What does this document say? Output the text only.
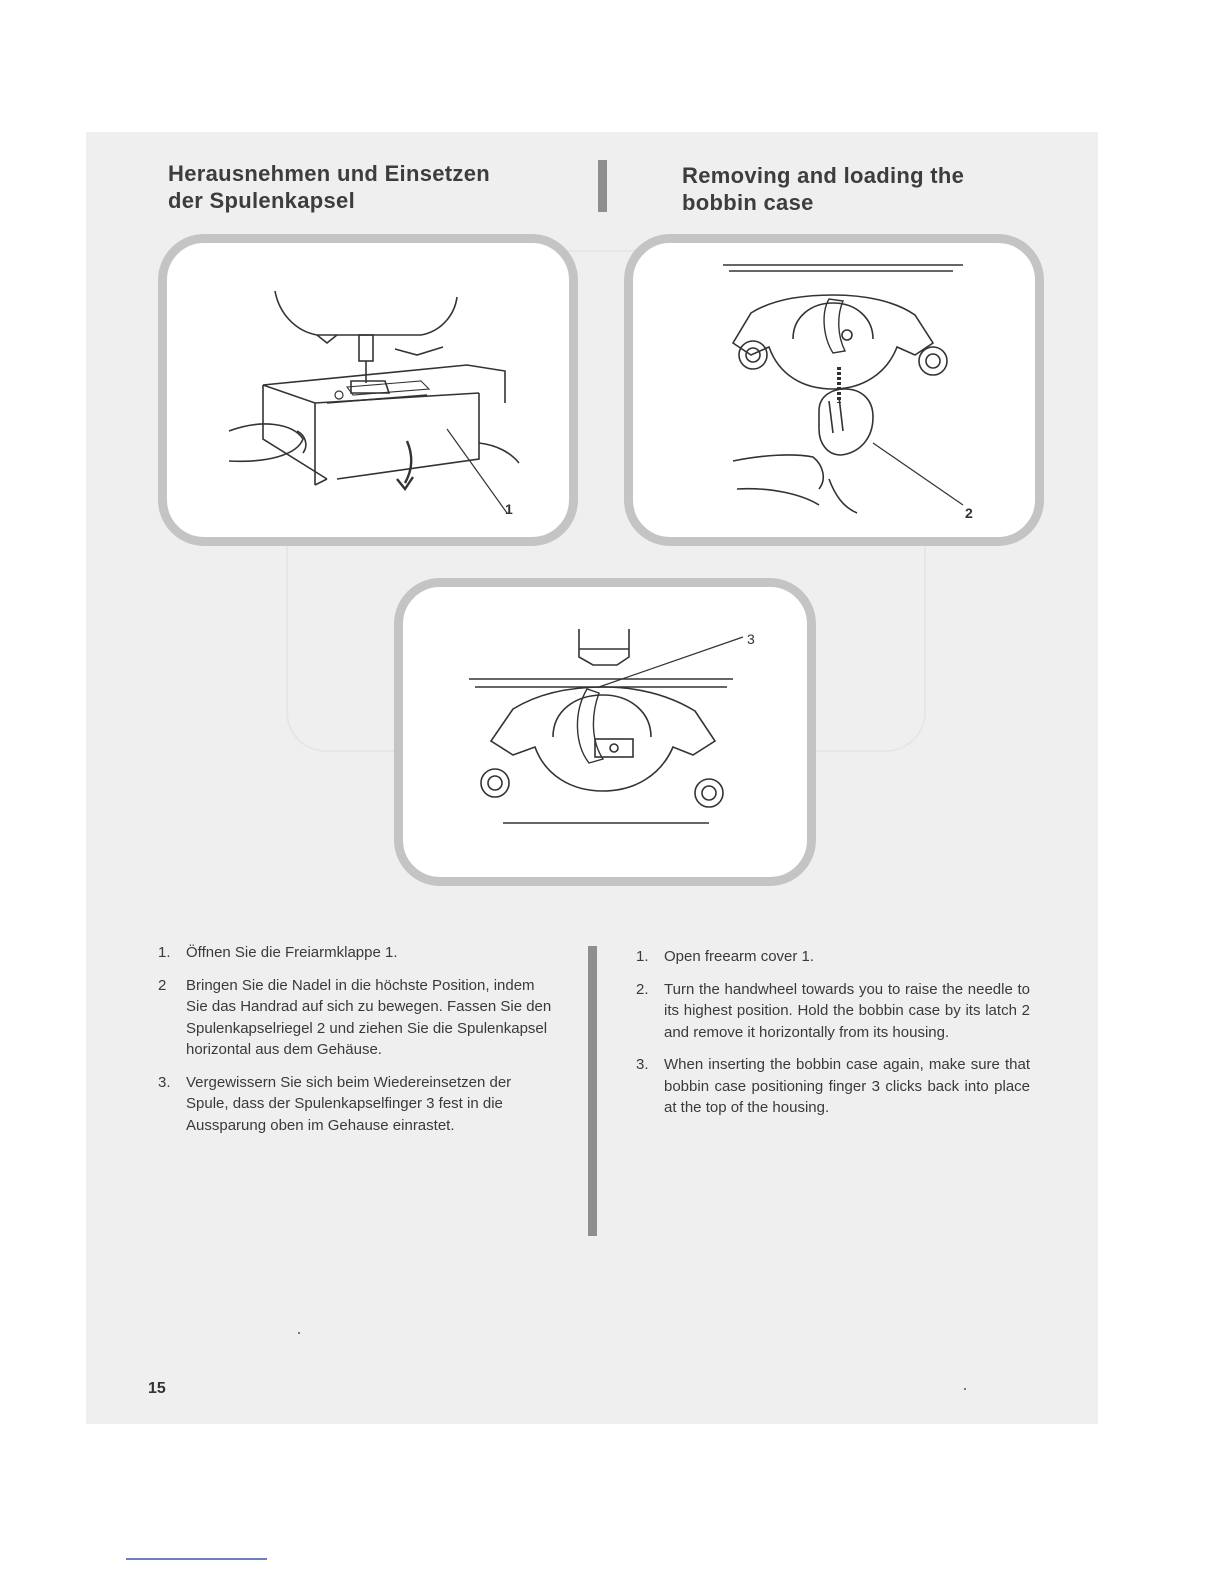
Herausnehmen und Einsetzen
der Spulenkapsel
Removing and loading the
bobbin case
1	2
3
1. Öffnen Sie die Freiarmklappe 1.
2 Bringen Sie die Nadel in die höchste Position, indem Sie das Handrad auf sich zu bewegen. Fassen Sie den Spulenkapselriegel 2 und ziehen Sie die Spulenkapsel horizontal aus dem Gehäuse.
3. Vergewissern Sie sich beim Wiedereinsetzen der Spule, dass der Spulenkapselfinger 3 fest in die Aussparung oben im Gehause einrastet.
1. Open freearm cover 1.
2. Turn the handwheel towards you to raise the needle to its highest position. Hold the bobbin case by its latch 2 and remove it horizontally from its housing.
3. When inserting the bobbin case again, make sure that bobbin case positioning finger 3 clicks back into place at the top of the housing.
15
